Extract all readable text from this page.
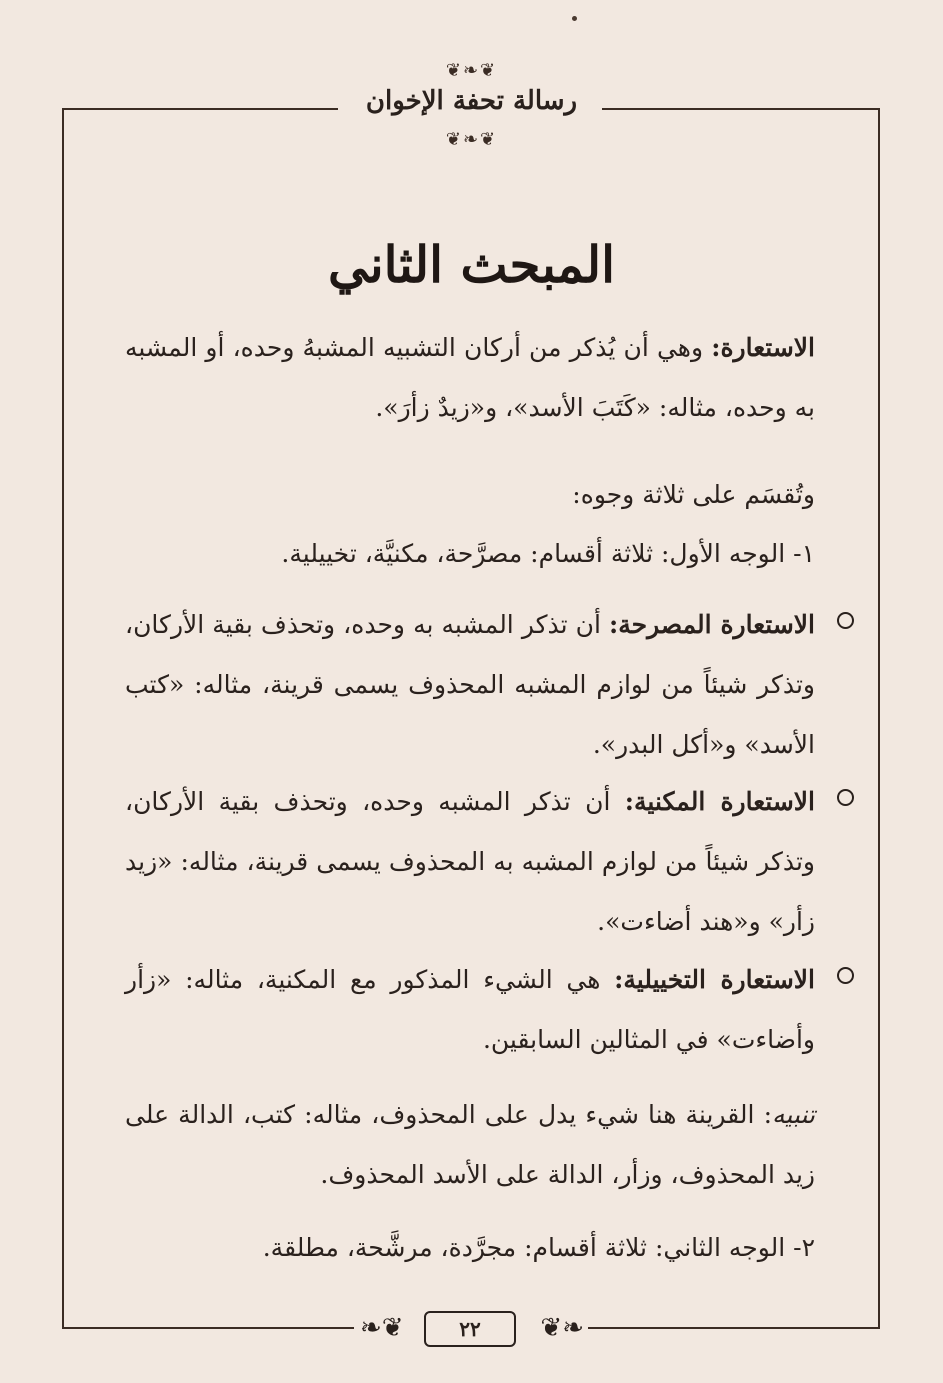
❦❧❦
رسالة تحفة الإخوان
❦❧❦
المبحث الثاني

الاستعارة: وهي أن يُذكر من أركان التشبيه المشبهُ وحده، أو المشبه به وحده، مثاله: «كَتَبَ الأسد»، و«زيدٌ زأرَ».

وتُقسَم على ثلاثة وجوه:

١- الوجه الأول: ثلاثة أقسام: مصرَّحة، مكنيَّة، تخييلية.

الاستعارة المصرحة: أن تذكر المشبه به وحده، وتحذف بقية الأركان، وتذكر شيئاً من لوازم المشبه المحذوف يسمى قرينة، مثاله: «كتب الأسد» و«أكل البدر».

الاستعارة المكنية: أن تذكر المشبه وحده، وتحذف بقية الأركان، وتذكر شيئاً من لوازم المشبه به المحذوف يسمى قرينة، مثاله: «زيد زأر» و«هند أضاءت».

الاستعارة التخييلية: هي الشيء المذكور مع المكنية، مثاله: «زأر وأضاءت» في المثالين السابقين.

تنبيه: القرينة هنا شيء يدل على المحذوف، مثاله: كتب، الدالة على زيد المحذوف، وزأر، الدالة على الأسد المحذوف.

٢- الوجه الثاني: ثلاثة أقسام: مجرَّدة، مرشَّحة، مطلقة.

❧❦	٢٢	❦❧
